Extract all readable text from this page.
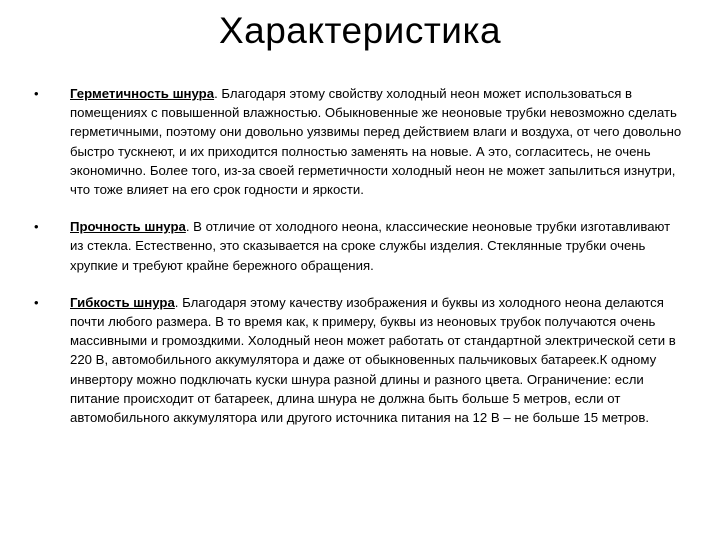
Характеристика
•	Герметичность шнура. Благодаря этому свойству холодный неон может использоваться в помещениях с повышенной влажностью. Обыкновенные же неоновые трубки невозможно сделать герметичными, поэтому они довольно уязвимы перед действием влаги и воздуха, от чего довольно быстро тускнеют, и их приходится полностью заменять на новые. А это, согласитесь, не очень экономично. Более того, из-за своей герметичности холодный неон не может запылиться изнутри, что тоже влияет на его срок годности и яркости.
•	Прочность шнура. В отличие от холодного неона, классические неоновые трубки изготавливают из стекла. Естественно, это сказывается на сроке службы изделия. Стеклянные трубки очень хрупкие и требуют крайне бережного обращения.
•	Гибкость шнура. Благодаря этому качеству изображения и буквы из холодного неона делаются почти любого размера. В то время как, к примеру, буквы из неоновых трубок получаются очень массивными и громоздкими. Холодный неон может работать от стандартной электрической сети в 220 В, автомобильного аккумулятора и даже от обыкновенных пальчиковых батареек.К одному инвертору можно подключать куски шнура разной длины и разного цвета. Ограничение: если питание происходит от батареек, длина шнура не должна быть больше 5 метров, если от автомобильного аккумулятора или другого источника питания на 12 В – не больше 15 метров.
